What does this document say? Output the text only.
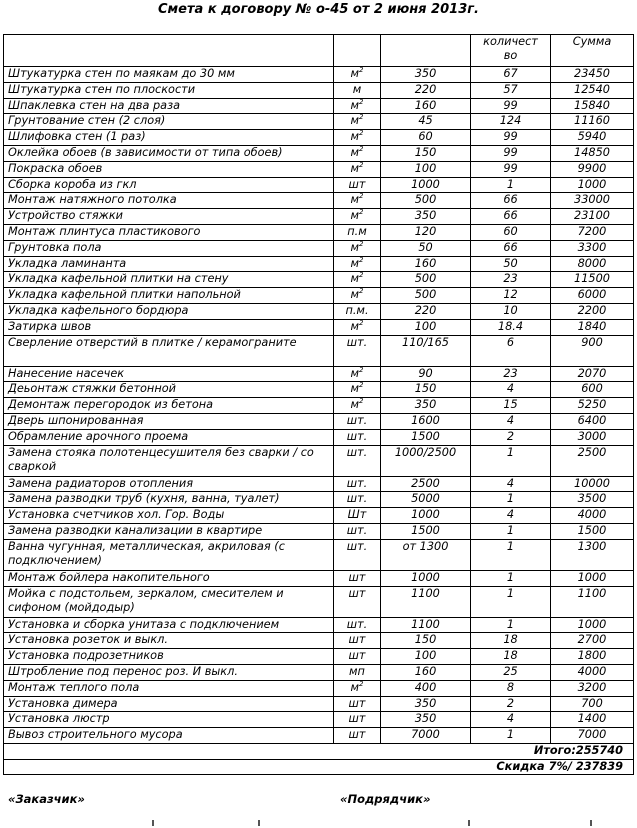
Смета к договору № о-45 от 2 июня 2013г.
			количест во	Сумма
Штукатурка стен по маякам до 30 мм	$м^2$	350	67	23450
Штукатурка стен по плоскости	м	220	57	12540
Шпаклевка стен на два раза	$м^2$	160	99	15840
Грунтование стен (2 слоя)	$м^2$	45	124	11160
Шлифовка стен (1 раз)	$м^2$	60	99	5940
Оклейка обоев (в зависимости от типа обоев)	$м^2$	150	99	14850
Покраска обоев	$м^2$	100	99	9900
Сборка короба из гкл	шт	1000	1	1000
Монтаж натяжного потолка	$м^2$	500	66	33000
Устройство стяжки	$м^2$	350	66	23100
Монтаж плинтуса пластикового	п.м	120	60	7200
Грунтовка пола	$м^2$	50	66	3300
Укладка ламинанта	$м^2$	160	50	8000
Укладка кафельной плитки на стену	$м^2$	500	23	11500
Укладка кафельной плитки напольной	$м^2$	500	12	6000
Укладка кафельного бордюра	п.м.	220	10	2200
Затирка швов	$м^2$	100	18.4	1840
Сверление отверстий в плитке / керамограните	шт.	110/165	6	900
Нанесение насечек	$м^2$	90	23	2070
Деьонтаж стяжки бетонной	$м^2$	150	4	600
Демонтаж перегородок из бетона	$м^2$	350	15	5250
Дверь шпонированная	шт.	1600	4	6400
Обрамление арочного проема	шт.	1500	2	3000
Замена стояка полотенцесушителя без сварки / со сваркой	шт.	1000/2500	1	2500
Замена радиаторов отопления	шт.	2500	4	10000
Замена разводки труб (кухня, ванна, туалет)	шт.	5000	1	3500
Установка счетчиков хол. Гор. Воды	Шт	1000	4	4000
Замена разводки канализации в квартире	шт.	1500	1	1500
Ванна чугунная, металлическая, акриловая (с подключением)	шт.	от 1300	1	1300
Монтаж бойлера накопительного	шт	1000	1	1000
Мойка с подстольем, зеркалом, смесителем и сифоном (мойдодыр)	шт	1100	1	1100
Установка и сборка унитаза с подключением	шт.	1100	1	1000
Установка розеток и выкл.	шт	150	18	2700
Установка подрозетников	шт	100	18	1800
Штробление под перенос роз. И выкл.	мп	160	25	4000
Монтаж теплого пола	$м^2$	400	8	3200
Установка димера	шт	350	2	700
Установка люстр	шт	350	4	1400
Вывоз строительного мусора	шт	7000	1	7000
Итого:255740				
Скидка 7%/ 237839				
«Заказчик»	«Подрядчик»
